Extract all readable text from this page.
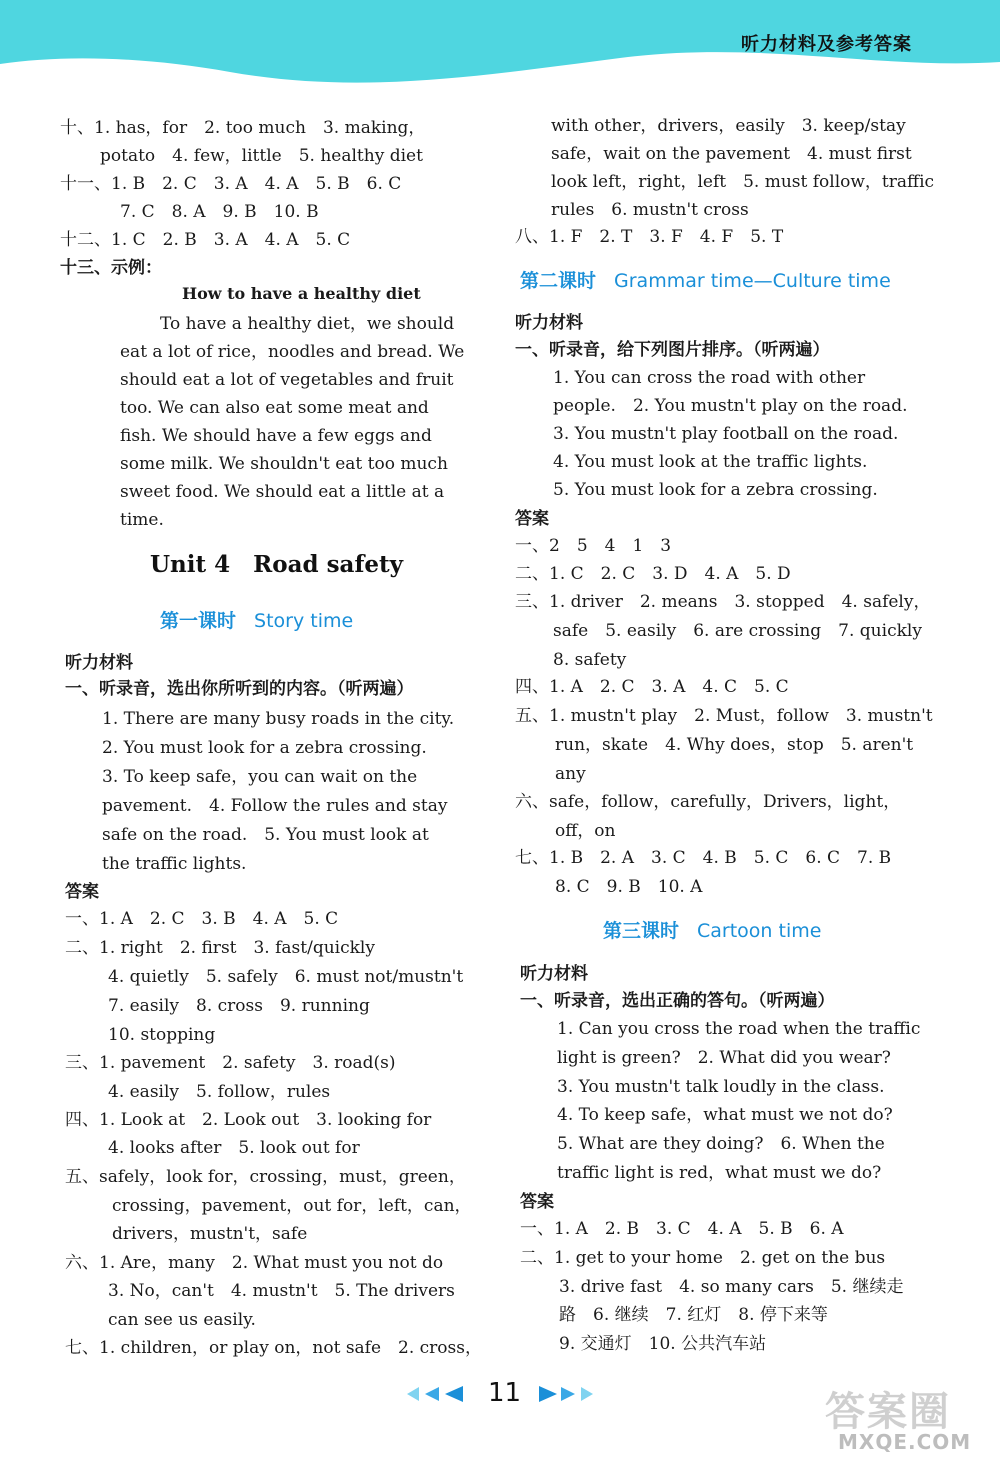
听力材料及参考答案
十、1. has，for　2. too much　3. making，
potato　4. few，little　5. healthy diet
十一、1. B　2. C　3. A　4. A　5. B　6. C
7. C　8. A　9. B　10. B
十二、1. C　2. B　3. A　4. A　5. C
十三、示例：
How to have a healthy diet
To have a healthy diet，we should
eat a lot of rice，noodles and bread. We
should eat a lot of vegetables and fruit
too. We can also eat some meat and
fish. We should have a few eggs and
some milk. We shouldn't eat too much
sweet food. We should eat a little at a
time.
Unit 4　Road safety
第一课时 Story time
听力材料
一、听录音，选出你所听到的内容。（听两遍）
1. There are many busy roads in the city.
2. You must look for a zebra crossing.
3. To keep safe，you can wait on the
pavement.　4. Follow the rules and stay
safe on the road.　5. You must look at
the traffic lights.
答案
一、1. A　2. C　3. B　4. A　5. C
二、1. right　2. first　3. fast/quickly
4. quietly　5. safely　6. must not/mustn't
7. easily　8. cross　9. running
10. stopping
三、1. pavement　2. safety　3. road(s)
4. easily　5. follow，rules
四、1. Look at　2. Look out　3. looking for
4. looks after　5. look out for
五、safely，look for，crossing，must，green，
crossing，pavement，out for，left，can，
drivers，mustn't，safe
六、1. Are，many　2. What must you not do
3. No，can't　4. mustn't　5. The drivers
can see us easily.
七、1. children，or play on，not safe　2. cross，
with other，drivers，easily　3. keep/stay
safe，wait on the pavement　4. must first
look left，right，left　5. must follow，traffic
rules　6. mustn't cross
八、1. F　2. T　3. F　4. F　5. T
第二课时 Grammar time—Culture time
听力材料
一、听录音，给下列图片排序。（听两遍）
1. You can cross the road with other
people.　2. You mustn't play on the road.
3. You mustn't play football on the road.
4. You must look at the traffic lights.
5. You must look for a zebra crossing.
答案
一、2　5　4　1　3
二、1. C　2. C　3. D　4. A　5. D
三、1. driver　2. means　3. stopped　4. safely，
safe　5. easily　6. are crossing　7. quickly
8. safety
四、1. A　2. C　3. A　4. C　5. C
五、1. mustn't play　2. Must，follow　3. mustn't
run，skate　4. Why does，stop　5. aren't
any
六、safe，follow，carefully，Drivers，light，
off，on
七、1. B　2. A　3. C　4. B　5. C　6. C　7. B
8. C　9. B　10. A
第三课时 Cartoon time
听力材料
一、听录音，选出正确的答句。（听两遍）
1. Can you cross the road when the traffic
light is green?　2. What did you wear?
3. You mustn't talk loudly in the class.
4. To keep safe，what must we not do?
5. What are they doing?　6. When the
traffic light is red，what must we do?
答案
一、1. A　2. B　3. C　4. A　5. B　6. A
二、1. get to your home　2. get on the bus
3. drive fast　4. so many cars　5. 继续走
路　6. 继续　7. 红灯　8. 停下来等
9. 交通灯　10. 公共汽车站
11	答案圈
MXQE.COM
